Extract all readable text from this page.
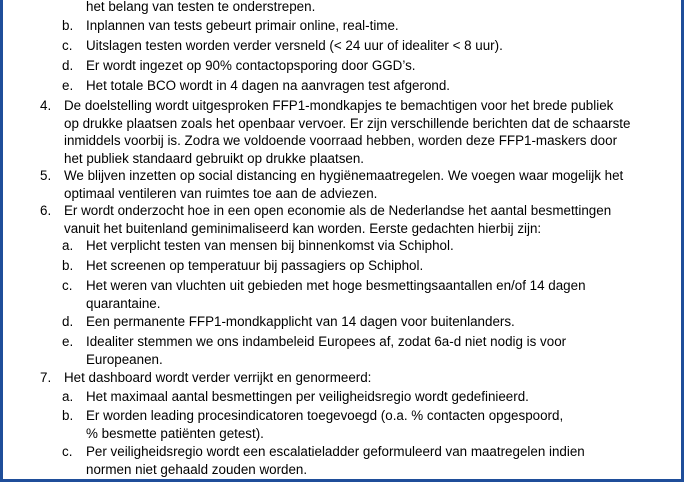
het belang van testen te onderstrepen.
b. Inplannen van tests gebeurt primair online, real-time.
c. Uitslagen testen worden verder versneld (< 24 uur of idealiter < 8 uur).
d. Er wordt ingezet op 90% contactopsporing door GGD’s.
e. Het totale BCO wordt in 4 dagen na aanvragen test afgerond.
4. De doelstelling wordt uitgesproken FFP1-mondkapjes te bemachtigen voor het brede publiek
op drukke plaatsen zoals het openbaar vervoer. Er zijn verschillende berichten dat de schaarste
inmiddels voorbij is. Zodra we voldoende voorraad hebben, worden deze FFP1-maskers door
het publiek standaard gebruikt op drukke plaatsen.
5. We blijven inzetten op social distancing en hygiënemaatregelen. We voegen waar mogelijk het
optimaal ventileren van ruimtes toe aan de adviezen.
6. Er wordt onderzocht hoe in een open economie als de Nederlandse het aantal besmettingen
vanuit het buitenland geminimaliseerd kan worden. Eerste gedachten hierbij zijn:
a. Het verplicht testen van mensen bij binnenkomst via Schiphol.
b. Het screenen op temperatuur bij passagiers op Schiphol.
c. Het weren van vluchten uit gebieden met hoge besmettingsaantallen en/of 14 dagen
quarantaine.
d. Een permanente FFP1-mondkapplicht van 14 dagen voor buitenlanders.
e. Idealiter stemmen we ons indambeleid Europees af, zodat 6a-d niet nodig is voor
Europeanen.
7. Het dashboard wordt verder verrijkt en genormeerd:
a. Het maximaal aantal besmettingen per veiligheidsregio wordt gedefinieerd.
b. Er worden leading procesindicatoren toegevoegd (o.a. % contacten opgespoord,
% besmette patiënten getest).
c. Per veiligheidsregio wordt een escalatieladder geformuleerd van maatregelen indien
normen niet gehaald zouden worden.
